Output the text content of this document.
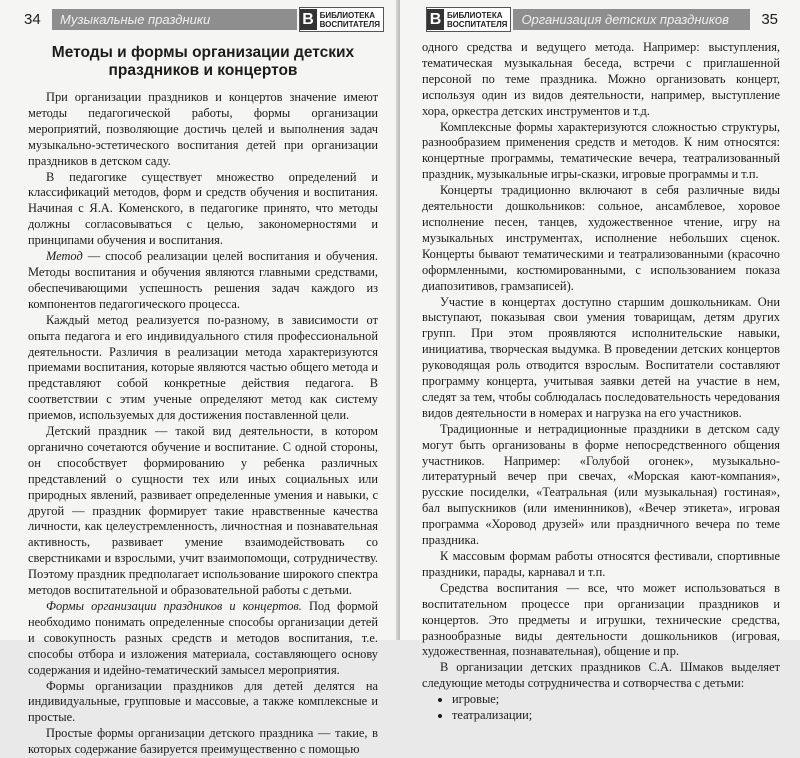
34	Музыкальные праздники	В БИБЛИОТЕКА
ВОСПИТАТЕЛЯ
Методы и формы организации детских праздников и концертов

При организации праздников и концертов значение имеют методы педагогической работы, формы организации мероприятий, позволяющие достичь целей и выполнения задач музыкально-эстетического воспитания детей при организации праздников в детском саду.

В педагогике существует множество определений и классификаций методов, форм и средств обучения и воспитания. Начиная с Я.А. Коменского, в педагогике принято, что методы должны согласовываться с целью, закономерностями и принципами обучения и воспитания.

Метод — способ реализации целей воспитания и обучения. Методы воспитания и обучения являются главными средствами, обеспечивающими успешность решения задач каждого из компонентов педагогического процесса.

Каждый метод реализуется по-разному, в зависимости от опыта педагога и его индивидуального стиля профессиональной деятельности. Различия в реализации метода характеризуются приемами воспитания, которые являются частью общего метода и представляют собой конкретные действия педагога. В соответствии с этим ученые определяют метод как систему приемов, используемых для достижения поставленной цели.

Детский праздник — такой вид деятельности, в котором органично сочетаются обучение и воспитание. С одной стороны, он способствует формированию у ребенка различных представлений о сущности тех или иных социальных или природных явлений, развивает определенные умения и навыки, с другой — праздник формирует такие нравственные качества личности, как целеустремленность, личностная и познавательная активность, развивает умение взаимодействовать со сверстниками и взрослыми, учит взаимопомощи, сотрудничеству. Поэтому праздник предполагает использование широкого спектра методов воспитательной и образовательной работы с детьми.

Формы организации праздников и концертов. Под формой необходимо понимать определенные способы организации детей и совокупность разных средств и методов воспитания, т.е. способы отбора и изложения материала, составляющего основу содержания и идейно-тематический замысел мероприятия.

Формы организации праздников для детей делятся на индивидуальные, групповые и массовые, а также комплексные и простые.

Простые формы организации детского праздника — такие, в которых содержание базируется преимущественно с помощью

В БИБЛИОТЕКА
ВОСПИТАТЕЛЯ	Организация детских праздников	35

одного средства и ведущего метода. Например: выступления, тематическая музыкальная беседа, встречи с приглашенной персоной по теме праздника. Можно организовать концерт, используя один из видов деятельности, например, выступление хора, оркестра детских инструментов и т.д.

Комплексные формы характеризуются сложностью структуры, разнообразием применения средств и методов. К ним относятся: концертные программы, тематические вечера, театрализованный праздник, музыкальные игры-сказки, игровые программы и т.п.

Концерты традиционно включают в себя различные виды деятельности дошкольников: сольное, ансамблевое, хоровое исполнение песен, танцев, художественное чтение, игру на музыкальных инструментах, исполнение небольших сценок. Концерты бывают тематическими и театрализованными (красочно оформленными, костюмированными, с использованием показа диапозитивов, грамзаписей).

Участие в концертах доступно старшим дошкольникам. Они выступают, показывая свои умения товарищам, детям других групп. При этом проявляются исполнительские навыки, инициатива, творческая выдумка. В проведении детских концертов руководящая роль отводится взрослым. Воспитатели составляют программу концерта, учитывая заявки детей на участие в нем, следят за тем, чтобы соблюдалась последовательность чередования видов деятельности в номерах и нагрузка на его участников.

Традиционные и нетрадиционные праздники в детском саду могут быть организованы в форме непосредственного общения участников. Например: «Голубой огонек», музыкально-литературный вечер при свечах, «Морская кают-компания», русские посиделки, «Театральная (или музыкальная) гостиная», бал выпускников (или именинников), «Вечер этикета», игровая программа «Хоровод друзей» или праздничного вечера по теме праздника.

К массовым формам работы относятся фестивали, спортивные праздники, парады, карнавал и т.п.

Средства воспитания — все, что может использоваться в воспитательном процессе при организации праздников и концертов. Это предметы и игрушки, технические средства, разнообразные виды деятельности дошкольников (игровая, художественная, познавательная), общение и пр.

В организации детских праздников С.А. Шмаков выделяет следующие методы сотрудничества и сотворчества с детьми:

• игровые;
• театрализации;
